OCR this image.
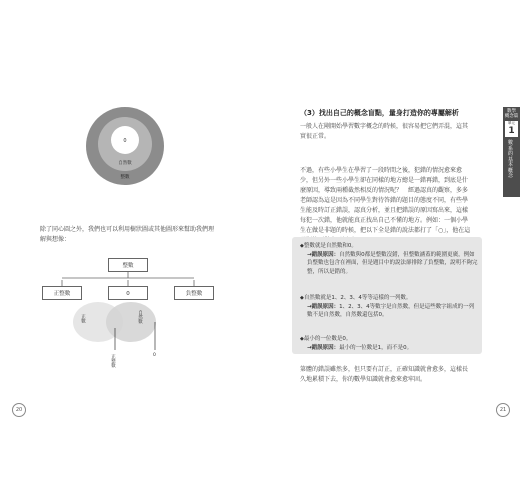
0
自然數
整數
除了同心圓之外，我們也可以利用樹狀圖或其他圖形來幫助我們理解與想像：
整數
正整數	0	負整數
正數	自然數
正整數	0
20
（3）找出自己的概念盲點，量身打造你的專屬解析
一般人在剛開始學習數字概念的時候，很容易把它們弄混，這其實很正常。
不過，有些小學生在學習了一段時間之後，犯錯的情況愈來愈少，但另外一些小學生卻在同樣的地方總是一錯再錯，到底是什麼原因，導致兩種截然相反的情況呢？　經過認真的觀察，多多老師認為這是因為不同學生對待答錯的題目的態度不同，有些學生能及時訂正錯誤，認真分析，並且把錯誤的原因寫出來，這樣每犯一次錯，他就能真正找出自己不懂的地方。例如：一個小學生在做是非題的時候，把以下全是錯的說法都打了「○」，他在這
◆ 整數就是自然數和0。
→錯誤原因：自然數與0都是整數沒錯，但整數涵蓋的範圍更廣，例如負整數也包含在裡面，但是題目中的說法卻排除了負整數，說明不夠完整，所以是錯的。
◆ 自然數就是1、2、3、4等等這樣的一列數。
→錯誤原因：1、2、3、4等數字是自然數，但是這些數字組成的一列數不是自然數，自然數還包括0。
◆ 最小的一位數是0。
→錯誤原因：最小的一位數是1，而不是0。
第體的錯誤雖然多，但只要有訂正，正確知識就會愈多，這樣長久地累積下去，你的數學知識就會愈來愈牢固。
數學
概念篇
單元
1
數系的基本概念
21
